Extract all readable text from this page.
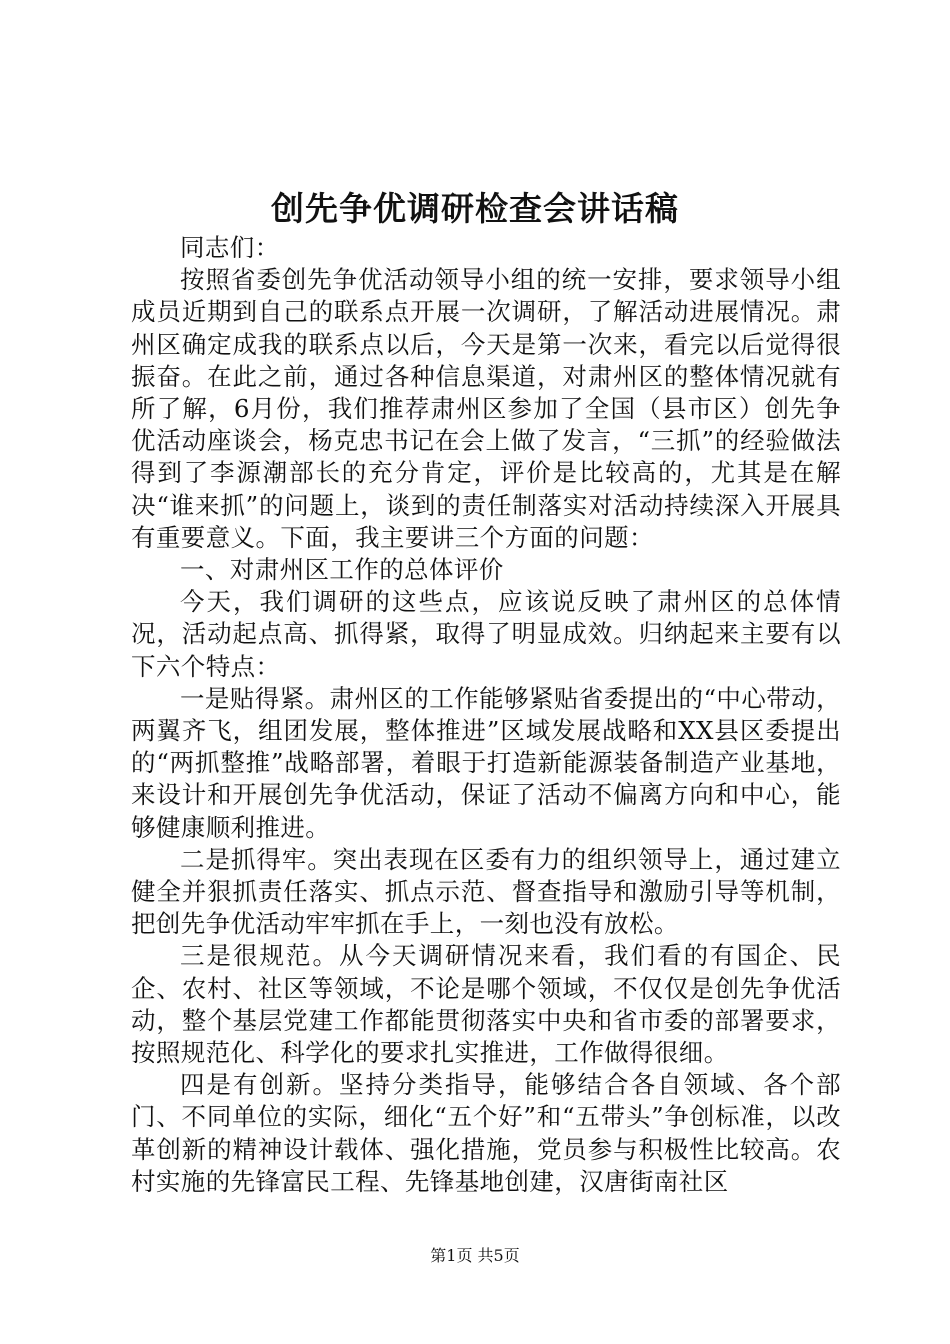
创先争优调研检查会讲话稿

同志们：

按照省委创先争优活动领导小组的统一安排，要求领导小组成员近期到自己的联系点开展一次调研，了解活动进展情况。肃州区确定成我的联系点以后，今天是第一次来，看完以后觉得很振奋。在此之前，通过各种信息渠道，对肃州区的整体情况就有所了解，6月份，我们推荐肃州区参加了全国（县市区）创先争优活动座谈会，杨克忠书记在会上做了发言，“三抓”的经验做法得到了李源潮部长的充分肯定，评价是比较高的，尤其是在解决“谁来抓”的问题上，谈到的责任制落实对活动持续深入开展具有重要意义。下面，我主要讲三个方面的问题：

一、对肃州区工作的总体评价

今天，我们调研的这些点，应该说反映了肃州区的总体情况，活动起点高、抓得紧，取得了明显成效。归纳起来主要有以下六个特点：

一是贴得紧。肃州区的工作能够紧贴省委提出的“中心带动，两翼齐飞，组团发展，整体推进”区域发展战略和XX县区委提出的“两抓整推”战略部署，着眼于打造新能源装备制造产业基地，来设计和开展创先争优活动，保证了活动不偏离方向和中心，能够健康顺利推进。

二是抓得牢。突出表现在区委有力的组织领导上，通过建立健全并狠抓责任落实、抓点示范、督查指导和激励引导等机制，把创先争优活动牢牢抓在手上，一刻也没有放松。

三是很规范。从今天调研情况来看，我们看的有国企、民企、农村、社区等领域，不论是哪个领域，不仅仅是创先争优活动，整个基层党建工作都能贯彻落实中央和省市委的部署要求，按照规范化、科学化的要求扎实推进，工作做得很细。

四是有创新。坚持分类指导，能够结合各自领域、各个部门、不同单位的实际，细化“五个好”和“五带头”争创标准，以改革创新的精神设计载体、强化措施，党员参与积极性比较高。农村实施的先锋富民工程、先锋基地创建，汉唐街南社区

第1页 共5页
